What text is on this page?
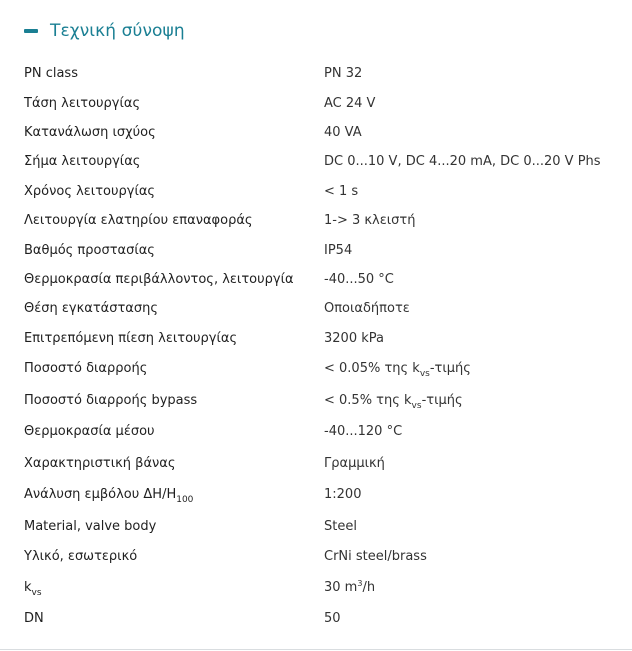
Τεχνική σύνοψη
PN class	PN 32
Τάση λειτουργίας	AC 24 V
Κατανάλωση ισχύος	40 VA
Σήμα λειτουργίας	DC 0...10 V, DC 4...20 mA, DC 0...20 V Phs
Χρόνος λειτουργίας	< 1 s
Λειτουργία ελατηρίου επαναφοράς	1-> 3 κλειστή
Βαθμός προστασίας	IP54
Θερμοκρασία περιβάλλοντος, λειτουργία	-40...50 °C
Θέση εγκατάστασης	Οποιαδήποτε
Επιτρεπόμενη πίεση λειτουργίας	3200 kPa
Ποσοστό διαρροής	< 0.05% της $k_{vs}$-τιμής
Ποσοστό διαρροής bypass	< 0.5% της $k_{vs}$-τιμής
Θερμοκρασία μέσου	-40...120 °C
Χαρακτηριστική βάνας	Γραμμική
Ανάλυση εμβόλου $\Delta H/H_{100}$	1:200
Material, valve body	Steel
Υλικό, εσωτερικό	CrNi steel/brass
$k_{vs}$	30 $m^3/h$
DN	50
